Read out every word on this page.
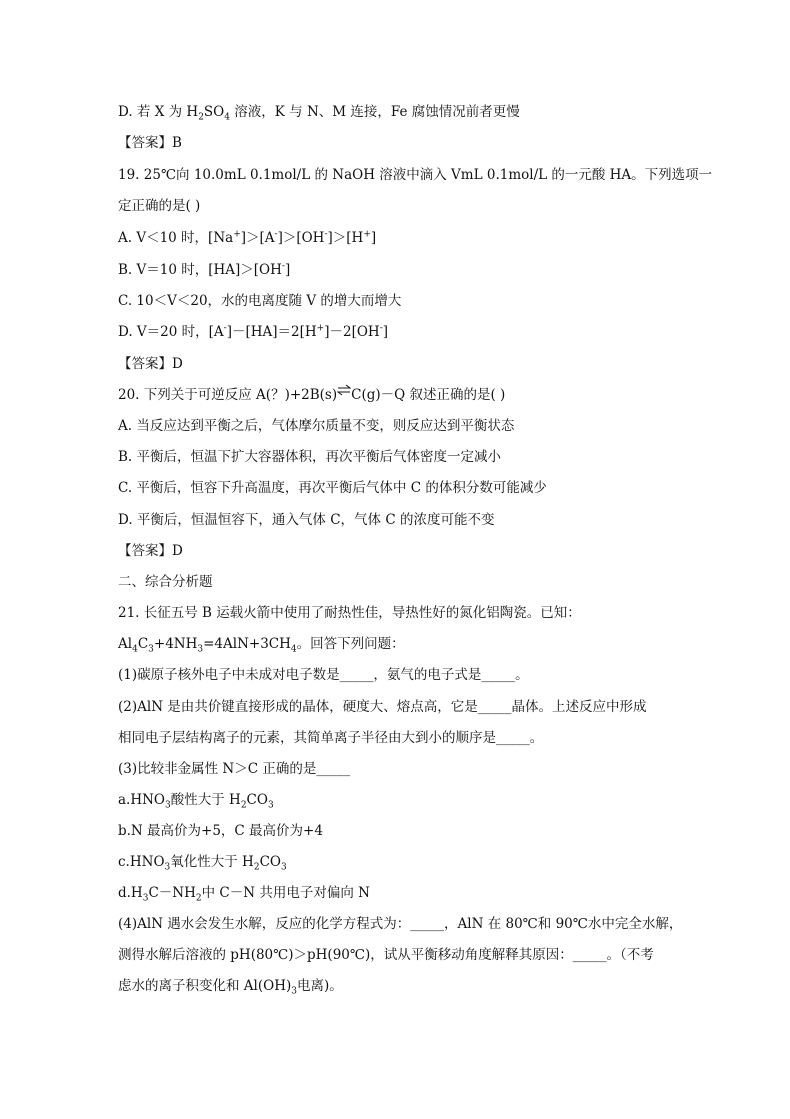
D. 若 X 为 $H_2SO_4$ 溶液，K 与 N、M 连接，Fe 腐蚀情况前者更慢
【答案】B
19. 25℃向 10.0mL 0.1mol/L 的 NaOH 溶液中滴入 VmL 0.1mol/L 的一元酸 HA。下列选项一
定正确的是( )
A. V＜10 时，[Na+]＞[A-]＞[OH-]＞[H+]
B. V＝10 时，[HA]＞[OH-]
C. 10＜V＜20，水的电离度随 V 的增大而增大
D. V＝20 时，[A-]－[HA]＝2[H+]－2[OH-]
【答案】D
20. 下列关于可逆反应 A(？)+2B(s)⇌C(g)－Q 叙述正确的是( )
A. 当反应达到平衡之后，气体摩尔质量不变，则反应达到平衡状态
B. 平衡后，恒温下扩大容器体积，再次平衡后气体密度一定减小
C. 平衡后，恒容下升高温度，再次平衡后气体中 C 的体积分数可能减少
D. 平衡后，恒温恒容下，通入气体 C，气体 C 的浓度可能不变
【答案】D
二、综合分析题
21. 长征五号 B 运载火箭中使用了耐热性佳，导热性好的氮化铝陶瓷。已知：
$Al_4C_3+4NH_3=4AlN+3CH_4$。回答下列问题：
(1)碳原子核外电子中未成对电子数是_____，氨气的电子式是_____。
(2)AlN 是由共价键直接形成的晶体，硬度大、熔点高，它是_____晶体。上述反应中形成
相同电子层结构离子的元素，其简单离子半径由大到小的顺序是_____。
(3)比较非金属性 N＞C 正确的是_____
$a.HNO_3$酸性大于 $H_2CO_3$
b.N 最高价为+5，C 最高价为+4
$c.HNO_3$氧化性大于 $H_2CO_3$
$d.H_3C-NH_2$中 C－N 共用电子对偏向 N
(4)AlN 遇水会发生水解，反应的化学方程式为：_____，AlN 在 80℃和 90℃水中完全水解，
测得水解后溶液的 pH(80℃)＞pH(90℃)，试从平衡移动角度解释其原因：_____。（不考
虑水的离子积变化和 $Al(OH)_3$电离)。
